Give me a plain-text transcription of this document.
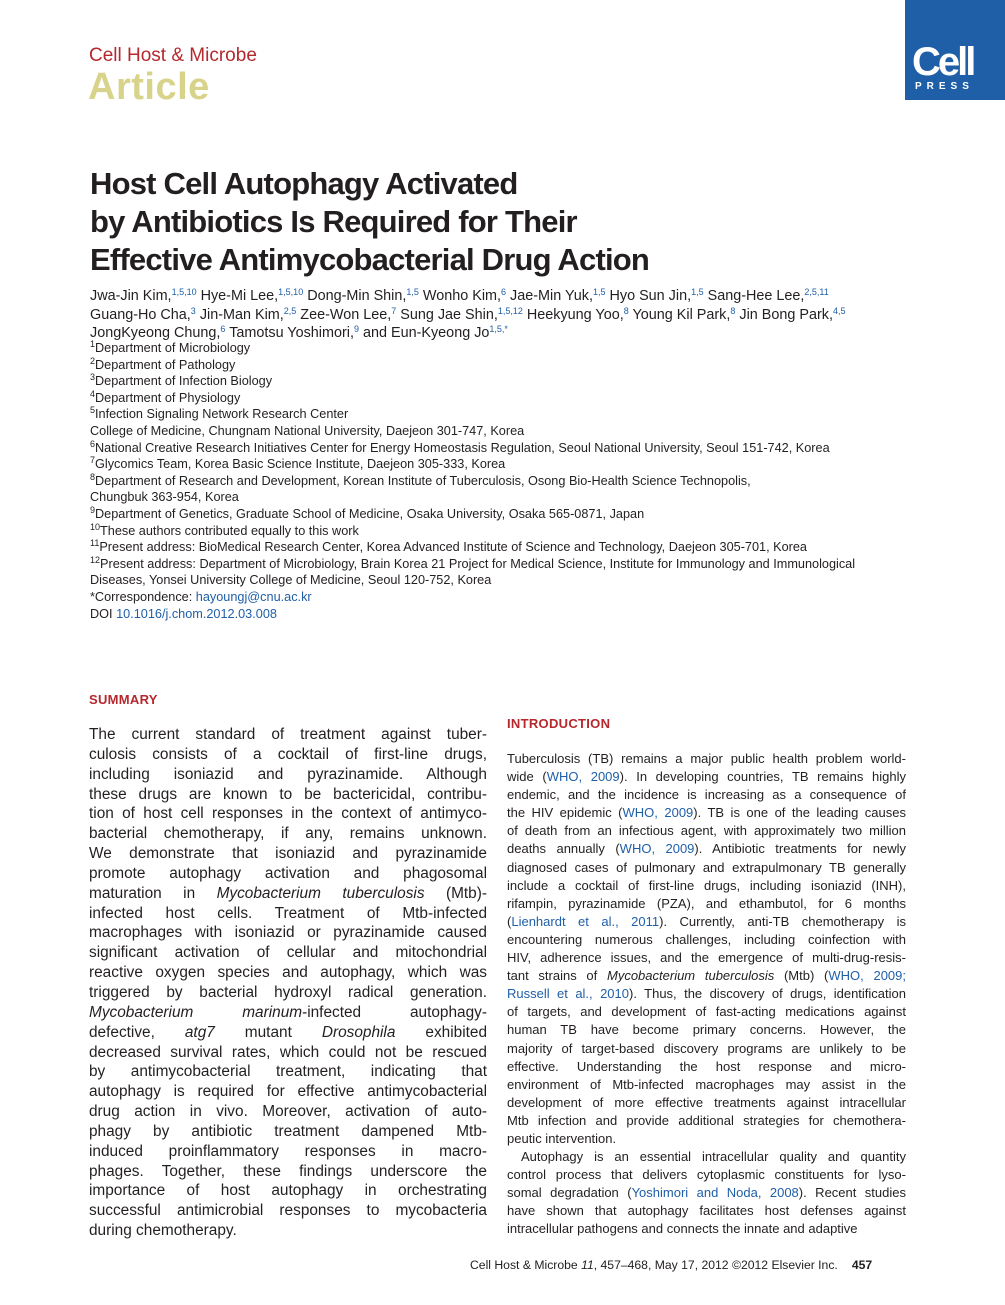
Cell Host & Microbe
Article
Cell
PRESS
Host Cell Autophagy Activated
by Antibiotics Is Required for Their
Effective Antimycobacterial Drug Action
Jwa-Jin Kim,$^{1,5,10}$ Hye-Mi Lee,$^{1,5,10}$ Dong-Min Shin,$^{1,5}$ Wonho Kim,$^6$ Jae-Min Yuk,$^{1,5}$ Hyo Sun Jin,$^{1,5}$ Sang-Hee Lee,$^{2,5,11}$
Guang-Ho Cha,$^3$ Jin-Man Kim,$^{2,5}$ Zee-Won Lee,$^7$ Sung Jae Shin,$^{1,5,12}$ Heekyung Yoo,$^8$ Young Kil Park,$^8$ Jin Bong Park,$^{4,5}$
JongKyeong Chung,$^6$ Tamotsu Yoshimori,$^9$ and Eun-Kyeong $Jo^{1,5,*}$
$^1$Department of Microbiology
$^2$Department of Pathology
$^3$Department of Infection Biology
$^4$Department of Physiology
$^5$Infection Signaling Network Research Center
College of Medicine, Chungnam National University, Daejeon 301-747, Korea
$^6$National Creative Research Initiatives Center for Energy Homeostasis Regulation, Seoul National University, Seoul 151-742, Korea
$^7$Glycomics Team, Korea Basic Science Institute, Daejeon 305-333, Korea
$^8$Department of Research and Development, Korean Institute of Tuberculosis, Osong Bio-Health Science Technopolis,
Chungbuk 363-954, Korea
$^9$Department of Genetics, Graduate School of Medicine, Osaka University, Osaka 565-0871, Japan
$^{10}$These authors contributed equally to this work
$^{11}$Present address: BioMedical Research Center, Korea Advanced Institute of Science and Technology, Daejeon 305-701, Korea
$^{12}$Present address: Department of Microbiology, Brain Korea 21 Project for Medical Science, Institute for Immunology and Immunological
Diseases, Yonsei University College of Medicine, Seoul 120-752, Korea
*Correspondence: hayoungj@cnu.ac.kr
DOI 10.1016/j.chom.2012.03.008
SUMMARY
The current standard of treatment against tuber-
culosis consists of a cocktail of first-line drugs,
including isoniazid and pyrazinamide. Although
these drugs are known to be bactericidal, contribu-
tion of host cell responses in the context of antimyco-
bacterial chemotherapy, if any, remains unknown.
We demonstrate that isoniazid and pyrazinamide
promote autophagy activation and phagosomal
maturation in Mycobacterium tuberculosis (Mtb)-
infected host cells. Treatment of Mtb-infected
macrophages with isoniazid or pyrazinamide caused
significant activation of cellular and mitochondrial
reactive oxygen species and autophagy, which was
triggered by bacterial hydroxyl radical generation.
Mycobacterium marinum-infected autophagy-
defective, atg7 mutant Drosophila exhibited
decreased survival rates, which could not be rescued
by antimycobacterial treatment, indicating that
autophagy is required for effective antimycobacterial
drug action in vivo. Moreover, activation of auto-
phagy by antibiotic treatment dampened Mtb-
induced proinflammatory responses in macro-
phages. Together, these findings underscore the
importance of host autophagy in orchestrating
successful antimicrobial responses to mycobacteria
during chemotherapy.
INTRODUCTION
Tuberculosis (TB) remains a major public health problem world-
wide (WHO, 2009). In developing countries, TB remains highly
endemic, and the incidence is increasing as a consequence of
the HIV epidemic (WHO, 2009). TB is one of the leading causes
of death from an infectious agent, with approximately two million
deaths annually (WHO, 2009). Antibiotic treatments for newly
diagnosed cases of pulmonary and extrapulmonary TB generally
include a cocktail of first-line drugs, including isoniazid (INH),
rifampin, pyrazinamide (PZA), and ethambutol, for 6 months
(Lienhardt et al., 2011). Currently, anti-TB chemotherapy is
encountering numerous challenges, including coinfection with
HIV, adherence issues, and the emergence of multi-drug-resis-
tant strains of Mycobacterium tuberculosis (Mtb) (WHO, 2009;
Russell et al., 2010). Thus, the discovery of drugs, identification
of targets, and development of fast-acting medications against
human TB have become primary concerns. However, the
majority of target-based discovery programs are unlikely to be
effective. Understanding the host response and micro-
environment of Mtb-infected macrophages may assist in the
development of more effective treatments against intracellular
Mtb infection and provide additional strategies for chemothera-
peutic intervention.
Autophagy is an essential intracellular quality and quantity
control process that delivers cytoplasmic constituents for lyso-
somal degradation (Yoshimori and Noda, 2008). Recent studies
have shown that autophagy facilitates host defenses against
intracellular pathogens and connects the innate and adaptive
Cell Host & Microbe 11, 457–468, May 17, 2012 ©2012 Elsevier Inc. 457
